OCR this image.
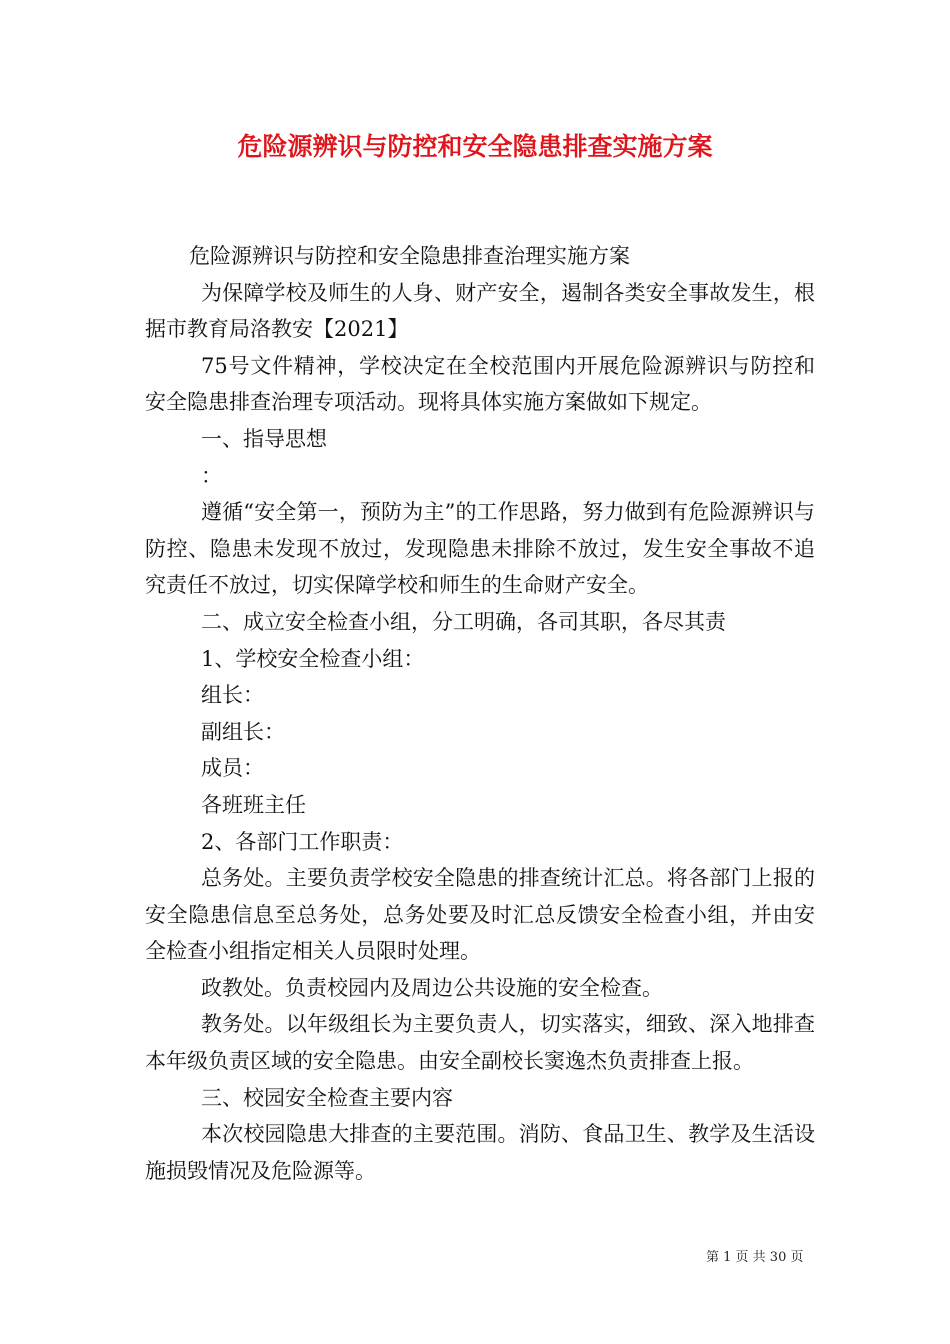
危险源辨识与防控和安全隐患排查实施方案

危险源辨识与防控和安全隐患排查治理实施方案

为保障学校及师生的人身、财产安全，遏制各类安全事故发生，根据市教育局洛教安【2021】

75号文件精神，学校决定在全校范围内开展危险源辨识与防控和安全隐患排查治理专项活动。现将具体实施方案做如下规定。

一、指导思想

：

遵循“安全第一，预防为主”的工作思路，努力做到有危险源辨识与防控、隐患未发现不放过，发现隐患未排除不放过，发生安全事故不追究责任不放过，切实保障学校和师生的生命财产安全。

二、成立安全检查小组，分工明确，各司其职，各尽其责

1、学校安全检查小组：

组长：

副组长：

成员：

各班班主任

2、各部门工作职责：

总务处。主要负责学校安全隐患的排查统计汇总。将各部门上报的安全隐患信息至总务处，总务处要及时汇总反馈安全检查小组，并由安全检查小组指定相关人员限时处理。

政教处。负责校园内及周边公共设施的安全检查。

教务处。以年级组长为主要负责人，切实落实，细致、深入地排查本年级负责区域的安全隐患。由安全副校长窦逸杰负责排查上报。

三、校园安全检查主要内容

本次校园隐患大排查的主要范围。消防、食品卫生、教学及生活设施损毁情况及危险源等。

第 1 页 共 30 页
